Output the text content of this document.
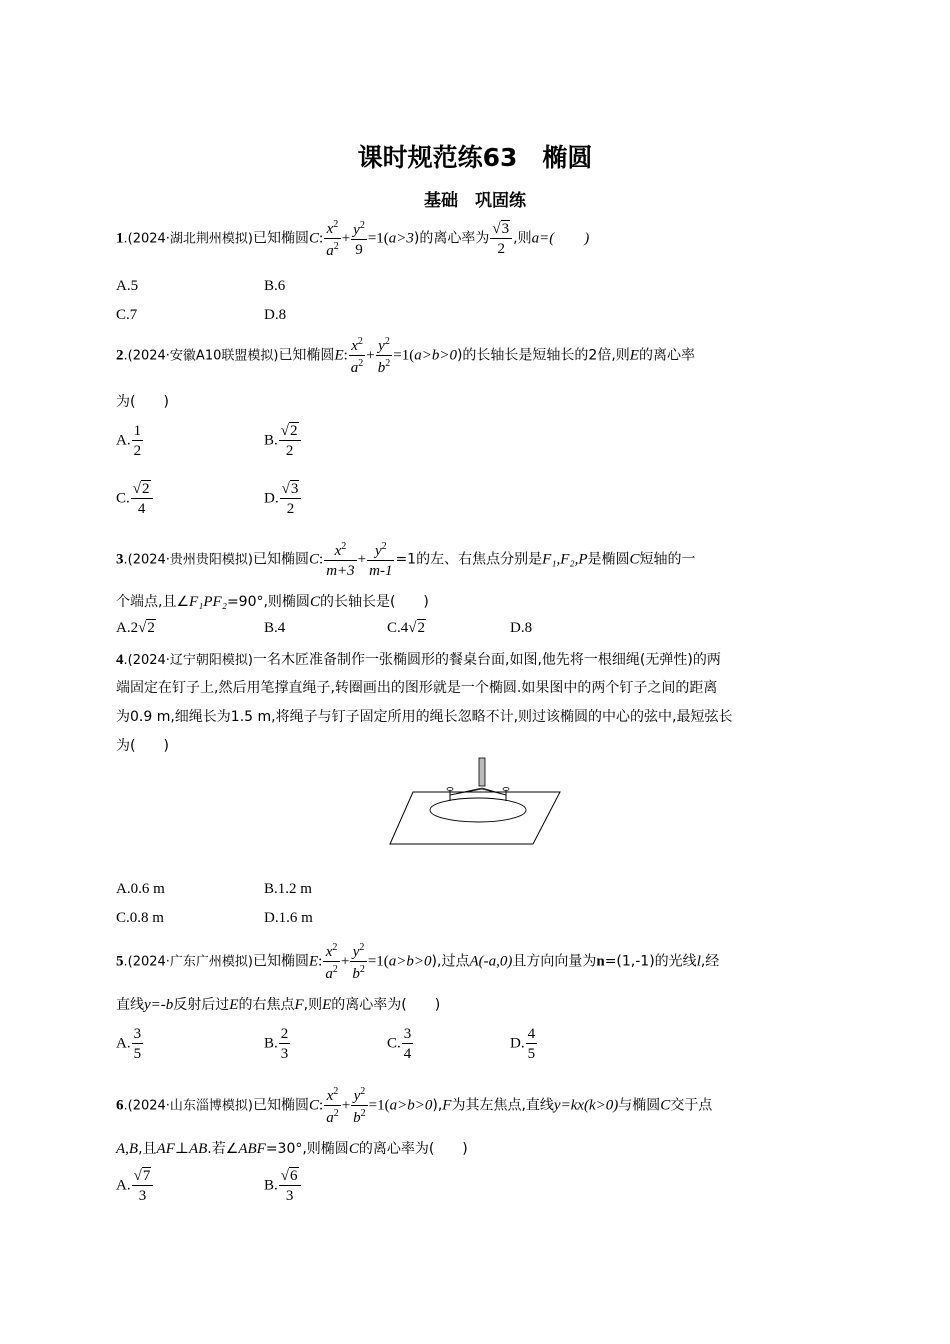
课时规范练63　椭圆
基础　巩固练
1.(2024·湖北荆州模拟)已知椭圆C: $\frac{x^2}{a^2} + \frac{y^2}{9} =1(a>3)$的离心率为 $\frac{√3}{2}$ ,则a=(　　)
A.5	B.6
C.7	D.8
2.(2024·安徽A10联盟模拟)已知椭圆E: $\frac{x^2}{a^2} + \frac{y^2}{b^2} =1(a>b>0)$的长轴长是短轴长的2倍,则E的离心率
为(　　)
A. $\frac{1}{2}$	B. $\frac{√2}{2}$
C. $\frac{√2}{4}$	D. $\frac{√3}{2}$
3.(2024·贵州贵阳模拟)已知椭圆C: $\frac{x^2}{m+3} + \frac{y^2}{m-1} =1$的左、右焦点分别是F₁,F₂,P是椭圆C短轴的一
个端点,且∠F₁PF₂=90°,则椭圆C的长轴长是(　　)
A.2√2	B.4	C.4√2	D.8
4.(2024·辽宁朝阳模拟)一名木匠准备制作一张椭圆形的餐桌台面,如图,他先将一根细绳(无弹性)的两
端固定在钉子上,然后用笔撑直绳子,转圈画出的图形就是一个椭圆.如果图中的两个钉子之间的距离
为0.9 m,细绳长为1.5 m,将绳子与钉子固定所用的绳长忽略不计,则过该椭圆的中心的弦中,最短弦长
为(　　)
A.0.6 m	B.1.2 m
C.0.8 m	D.1.6 m
5.(2024·广东广州模拟)已知椭圆E: $\frac{x^2}{a^2} + \frac{y^2}{b^2} =1(a>b>0)$,过点A(-a,0)且方向向量为n=(1,-1)的光线l,经
直线y=-b反射后过E的右焦点F,则E的离心率为(　　)
A. $\frac{3}{5}$	B. $\frac{2}{3}$	C. $\frac{3}{4}$	D. $\frac{4}{5}$
6.(2024·山东淄博模拟)已知椭圆C: $\frac{x^2}{a^2} + \frac{y^2}{b^2} =1(a>b>0),F$为其左焦点,直线y=kx(k>0)与椭圆C交于点
A,B,且AF⊥AB.若∠ABF=30°,则椭圆C的离心率为(　　)
A. $\frac{√7}{3}$	B. $\frac{√6}{3}$
